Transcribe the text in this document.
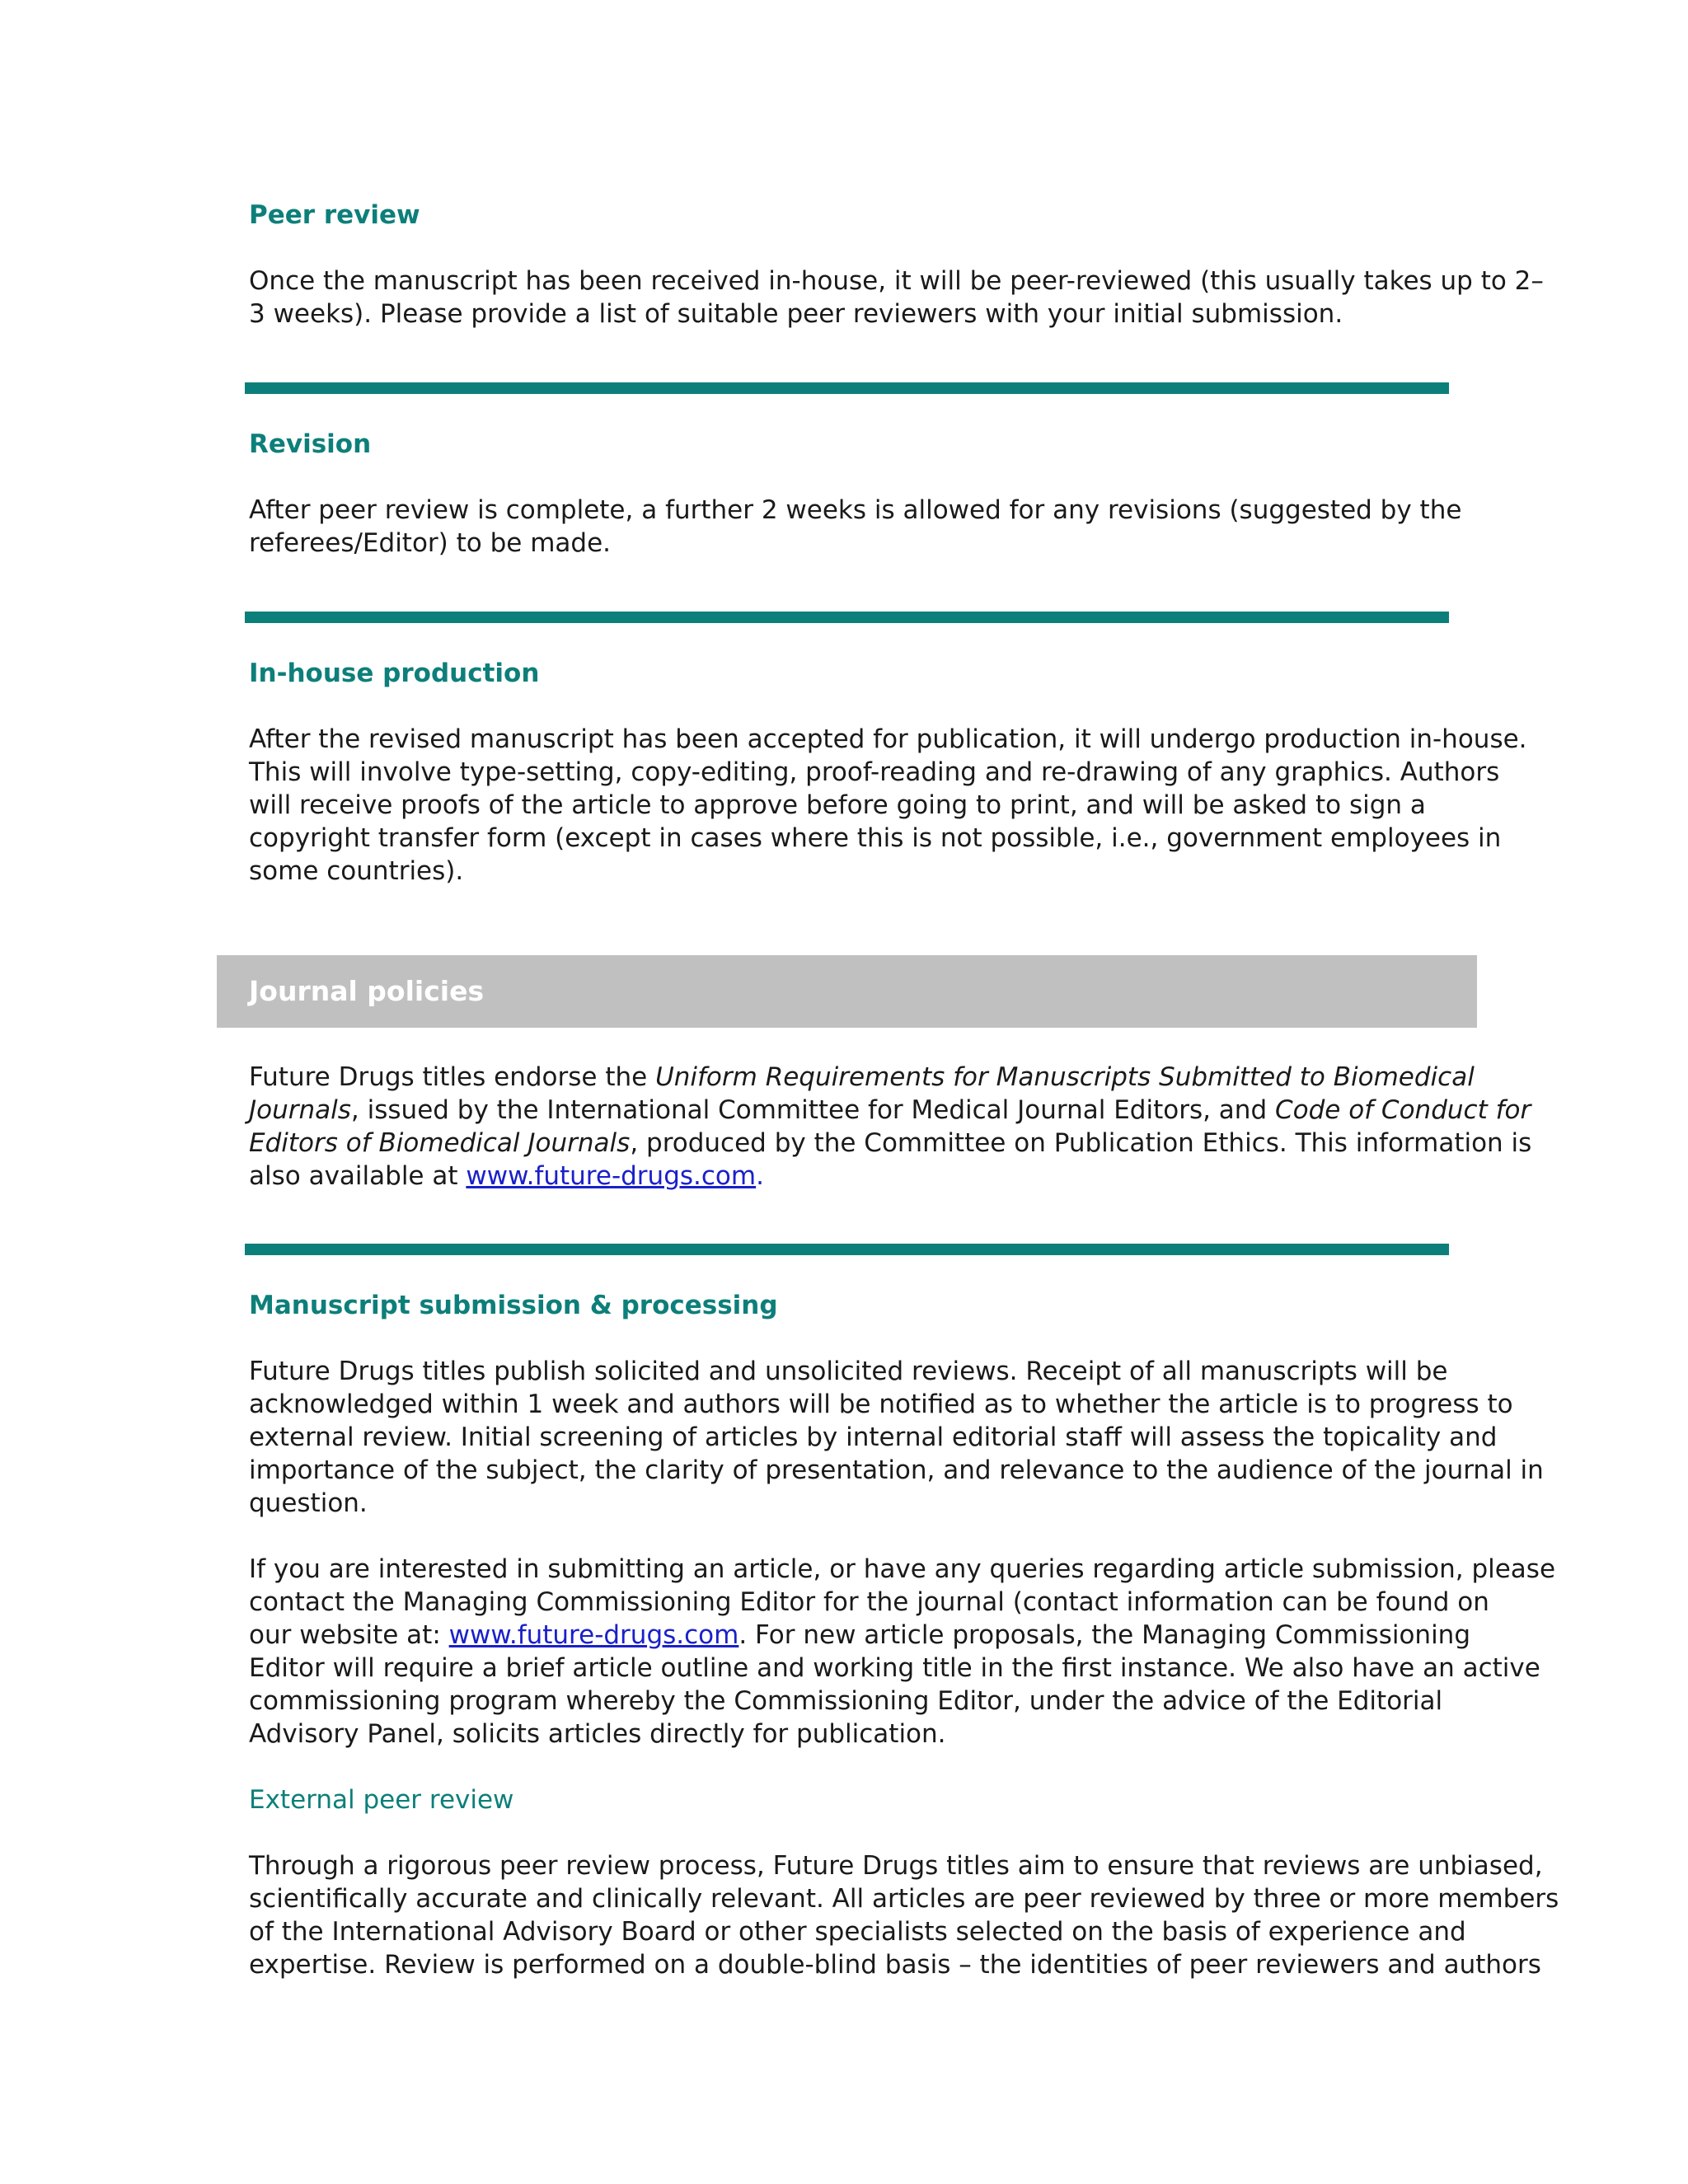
Peer review
Once the manuscript has been received in-house, it will be peer-reviewed (this usually takes up to 2–
3 weeks). Please provide a list of suitable peer reviewers with your initial submission.
Revision
After peer review is complete, a further 2 weeks is allowed for any revisions (suggested by the
referees/Editor) to be made.
In-house production
After the revised manuscript has been accepted for publication, it will undergo production in-house.
This will involve type-setting, copy-editing, proof-reading and re-drawing of any graphics. Authors
will receive proofs of the article to approve before going to print, and will be asked to sign a
copyright transfer form (except in cases where this is not possible, i.e., government employees in
some countries).
Journal policies
Future Drugs titles endorse the Uniform Requirements for Manuscripts Submitted to Biomedical
Journals, issued by the International Committee for Medical Journal Editors, and Code of Conduct for
Editors of Biomedical Journals, produced by the Committee on Publication Ethics. This information is
also available at www.future-drugs.com.
Manuscript submission & processing
Future Drugs titles publish solicited and unsolicited reviews. Receipt of all manuscripts will be
acknowledged within 1 week and authors will be notified as to whether the article is to progress to
external review. Initial screening of articles by internal editorial staff will assess the topicality and
importance of the subject, the clarity of presentation, and relevance to the audience of the journal in
question.
If you are interested in submitting an article, or have any queries regarding article submission, please
contact the Managing Commissioning Editor for the journal (contact information can be found on
our website at: www.future-drugs.com. For new article proposals, the Managing Commissioning
Editor will require a brief article outline and working title in the first instance. We also have an active
commissioning program whereby the Commissioning Editor, under the advice of the Editorial
Advisory Panel, solicits articles directly for publication.
External peer review
Through a rigorous peer review process, Future Drugs titles aim to ensure that reviews are unbiased,
scientifically accurate and clinically relevant. All articles are peer reviewed by three or more members
of the International Advisory Board or other specialists selected on the basis of experience and
expertise. Review is performed on a double-blind basis – the identities of peer reviewers and authors
